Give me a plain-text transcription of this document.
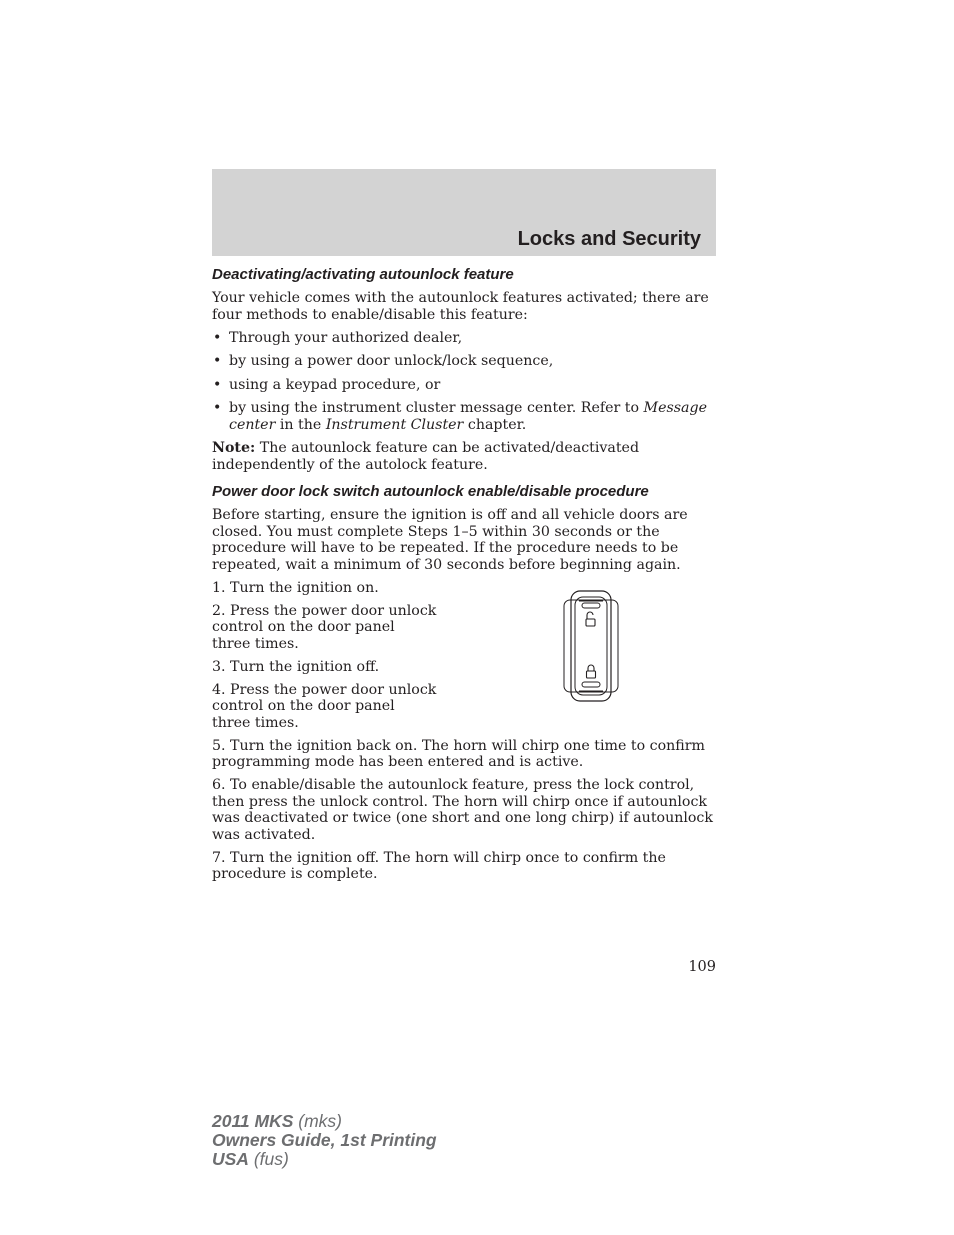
Locks and Security
Deactivating/activating autounlock feature
Your vehicle comes with the autounlock features activated; there are four methods to enable/disable this feature:
• Through your authorized dealer,
• by using a power door unlock/lock sequence,
• using a keypad procedure, or
• by using the instrument cluster message center. Refer to Message center in the Instrument Cluster chapter.
Note: The autounlock feature can be activated/deactivated independently of the autolock feature.
Power door lock switch autounlock enable/disable procedure
Before starting, ensure the ignition is off and all vehicle doors are closed. You must complete Steps 1–5 within 30 seconds or the procedure will have to be repeated. If the procedure needs to be repeated, wait a minimum of 30 seconds before beginning again.
1. Turn the ignition on.
2. Press the power door unlock control on the door panel three times.
3. Turn the ignition off.
4. Press the power door unlock control on the door panel three times.
5. Turn the ignition back on. The horn will chirp one time to confirm programming mode has been entered and is active.
6. To enable/disable the autounlock feature, press the lock control, then press the unlock control. The horn will chirp once if autounlock was deactivated or twice (one short and one long chirp) if autounlock was activated.
7. Turn the ignition off. The horn will chirp once to confirm the procedure is complete.
109
2011 MKS (mks)
Owners Guide, 1st Printing
USA (fus)
